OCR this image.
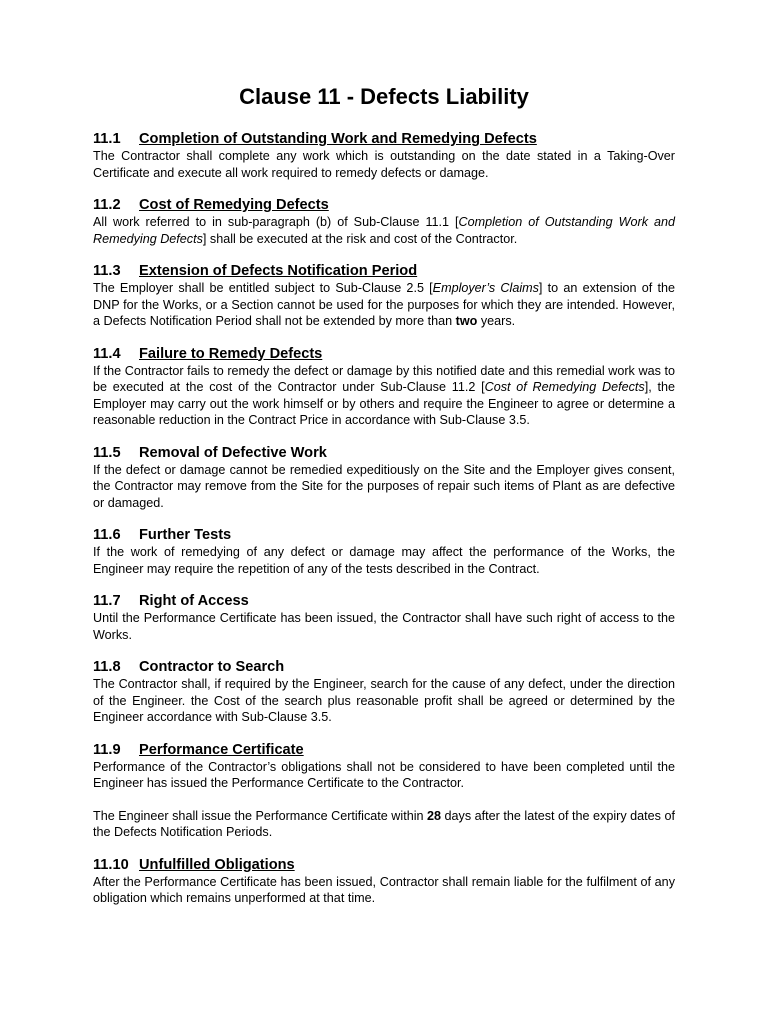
Clause 11 - Defects Liability
11.1	Completion of Outstanding Work and Remedying Defects

The Contractor shall complete any work which is outstanding on the date stated in a Taking-Over Certificate and execute all work required to remedy defects or damage.

11.2	Cost of Remedying Defects

All work referred to in sub-paragraph (b) of Sub-Clause 11.1 [Completion of Outstanding Work and Remedying Defects] shall be executed at the risk and cost of the Contractor.

11.3	Extension of Defects Notification Period

The Employer shall be entitled subject to Sub-Clause 2.5 [Employer’s Claims] to an extension of the DNP for the Works, or a Section cannot be used for the purposes for which they are intended. However, a Defects Notification Period shall not be extended by more than two years.

11.4	Failure to Remedy Defects

If the Contractor fails to remedy the defect or damage by this notified date and this remedial work was to be executed at the cost of the Contractor under Sub-Clause 11.2 [Cost of Remedying Defects], the Employer may carry out the work himself or by others and require the Engineer to agree or determine a reasonable reduction in the Contract Price in accordance with Sub-Clause 3.5.

11.5	Removal of Defective Work

If the defect or damage cannot be remedied expeditiously on the Site and the Employer gives consent, the Contractor may remove from the Site for the purposes of repair such items of Plant as are defective or damaged.

11.6	Further Tests

If the work of remedying of any defect or damage may affect the performance of the Works, the Engineer may require the repetition of any of the tests described in the Contract.

11.7	Right of Access

Until the Performance Certificate has been issued, the Contractor shall have such right of access to the Works.

11.8	Contractor to Search

The Contractor shall, if required by the Engineer, search for the cause of any defect, under the direction of the Engineer. the Cost of the search plus reasonable profit shall be agreed or determined by the Engineer accordance with Sub-Clause 3.5.

11.9	Performance Certificate

Performance of the Contractor’s obligations shall not be considered to have been completed until the Engineer has issued the Performance Certificate to the Contractor.

The Engineer shall issue the Performance Certificate within 28 days after the latest of the expiry dates of the Defects Notification Periods.

11.10 Unfulfilled Obligations

After the Performance Certificate has been issued, Contractor shall remain liable for the fulfilment of any obligation which remains unperformed at that time.
